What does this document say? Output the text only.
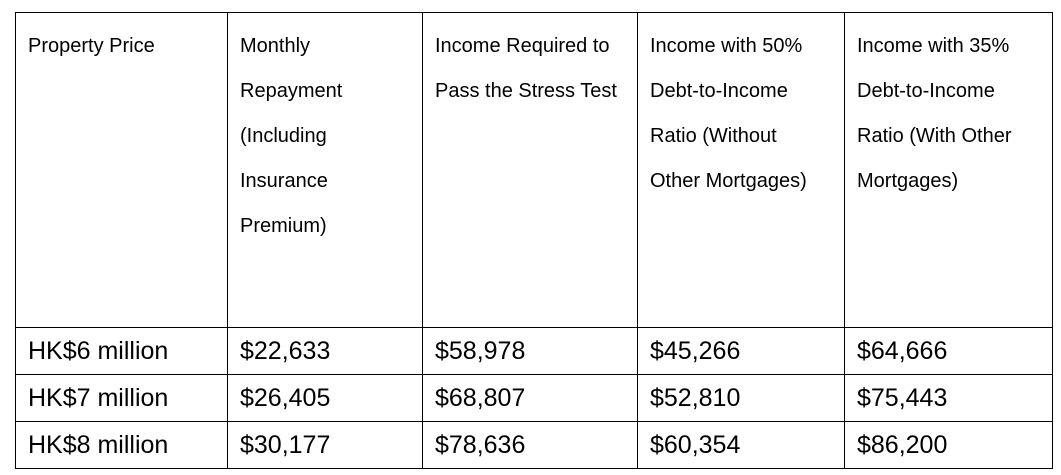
Property Price	Monthly Repayment (Including Insurance Premium)	Income Required to Pass the Stress Test	Income with 50% Debt-to-Income Ratio (Without Other Mortgages)	Income with 35% Debt-to-Income Ratio (With Other Mortgages)

HK$6 million	$22,633	$58,978	$45,266	$64,666

HK$7 million	$26,405	$68,807	$52,810	$75,443

HK$8 million	$30,177	$78,636	$60,354	$86,200
